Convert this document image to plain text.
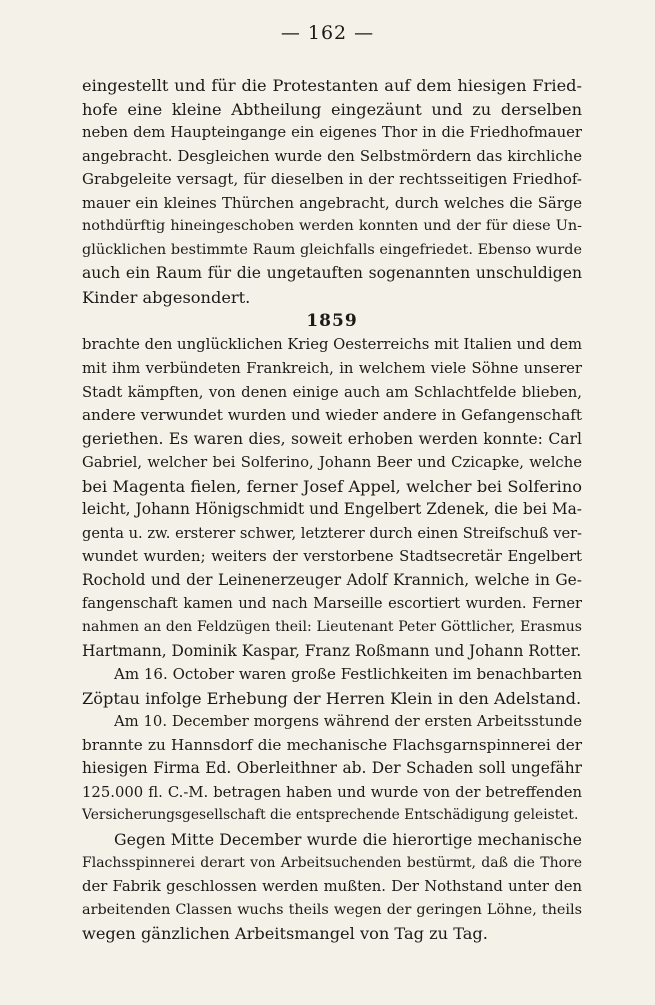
— 162 —
eingestellt und für die Protestanten auf dem hiesigen Fried-
hofe eine kleine Abtheilung eingezäunt und zu derselben
neben dem Haupteingange ein eigenes Thor in die Friedhofmauer
angebracht. Desgleichen wurde den Selbstmördern das kirchliche
Grabgeleite versagt, für dieselben in der rechtsseitigen Friedhof-
mauer ein kleines Thürchen angebracht, durch welches die Särge
nothdürftig hineingeschoben werden konnten und der für diese Un-
glücklichen bestimmte Raum gleichfalls eingefriedet. Ebenso wurde
auch ein Raum für die ungetauften sogenannten unschuldigen
Kinder abgesondert.
1859
brachte den unglücklichen Krieg Oesterreichs mit Italien und dem
mit ihm verbündeten Frankreich, in welchem viele Söhne unserer
Stadt kämpften, von denen einige auch am Schlachtfelde blieben,
andere verwundet wurden und wieder andere in Gefangenschaft
geriethen. Es waren dies, soweit erhoben werden konnte: Carl
Gabriel, welcher bei Solferino, Johann Beer und Czicapke, welche
bei Magenta fielen, ferner Josef Appel, welcher bei Solferino
leicht, Johann Hönigschmidt und Engelbert Zdenek, die bei Ma-
genta u. zw. ersterer schwer, letzterer durch einen Streifschuß ver-
wundet wurden; weiters der verstorbene Stadtsecretär Engelbert
Rochold und der Leinenerzeuger Adolf Krannich, welche in Ge-
fangenschaft kamen und nach Marseille escortiert wurden. Ferner
nahmen an den Feldzügen theil: Lieutenant Peter Göttlicher, Erasmus
Hartmann, Dominik Kaspar, Franz Roßmann und Johann Rotter.
Am 16. October waren große Festlichkeiten im benachbarten
Zöptau infolge Erhebung der Herren Klein in den Adelstand.
Am 10. December morgens während der ersten Arbeitsstunde
brannte zu Hannsdorf die mechanische Flachsgarnspinnerei der
hiesigen Firma Ed. Oberleithner ab. Der Schaden soll ungefähr
125.000 fl. C.-M. betragen haben und wurde von der betreffenden
Versicherungsgesellschaft die entsprechende Entschädigung geleistet.
Gegen Mitte December wurde die hierortige mechanische
Flachsspinnerei derart von Arbeitsuchenden bestürmt, daß die Thore
der Fabrik geschlossen werden mußten. Der Nothstand unter den
arbeitenden Classen wuchs theils wegen der geringen Löhne, theils
wegen gänzlichen Arbeitsmangel von Tag zu Tag.
